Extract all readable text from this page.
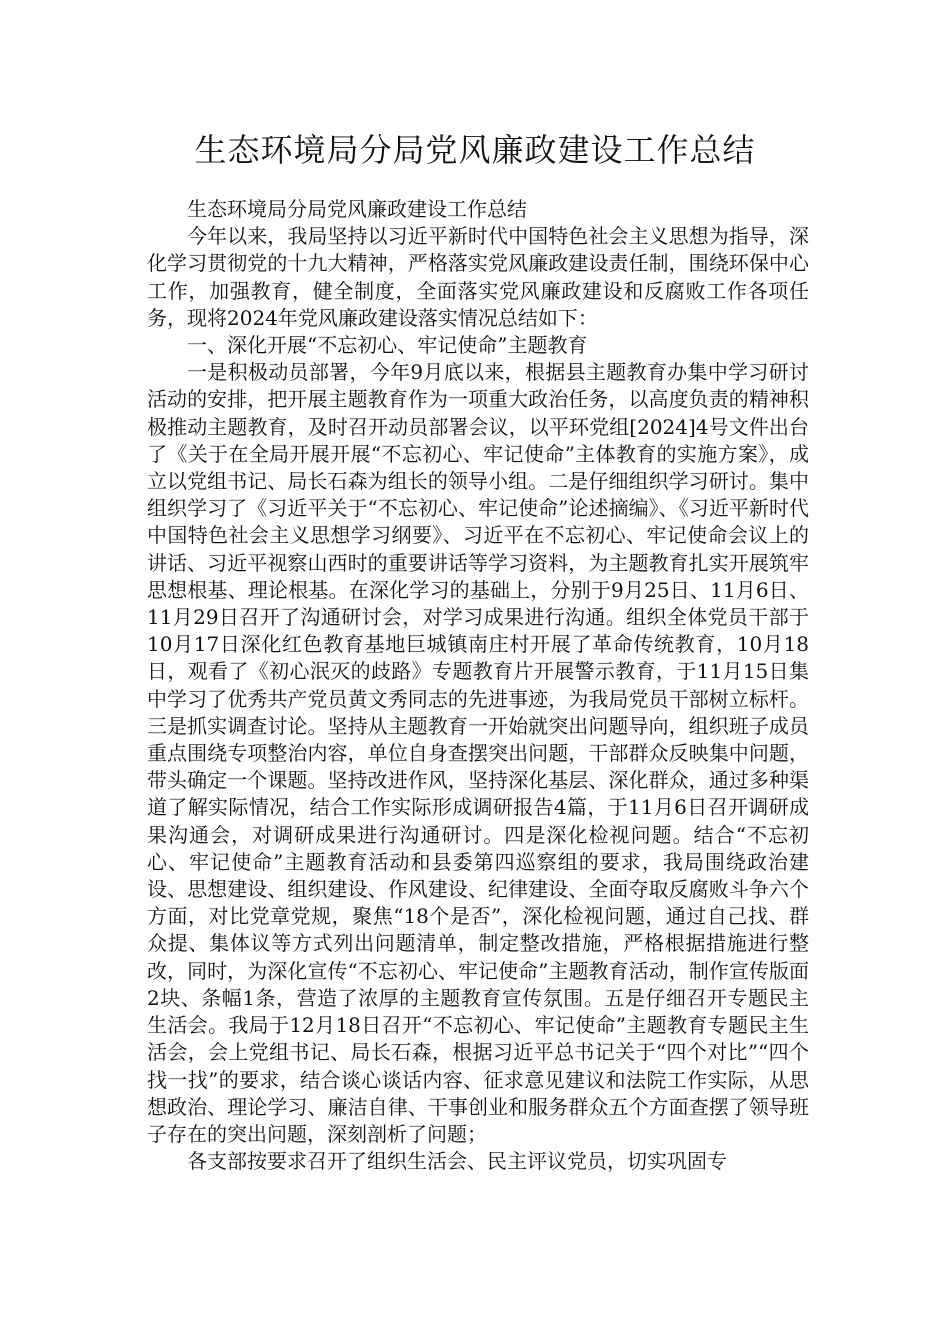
生态环境局分局党风廉政建设工作总结

生态环境局分局党风廉政建设工作总结

今年以来，我局坚持以习近平新时代中国特色社会主义思想为指导，深化学习贯彻党的十九大精神，严格落实党风廉政建设责任制，围绕环保中心工作，加强教育，健全制度，全面落实党风廉政建设和反腐败工作各项任务，现将2024年党风廉政建设落实情况总结如下：

一、深化开展“不忘初心、牢记使命”主题教育

一是积极动员部署，今年9月底以来，根据县主题教育办集中学习研讨活动的安排，把开展主题教育作为一项重大政治任务，以高度负责的精神积极推动主题教育，及时召开动员部署会议，以平环党组[2024]4号文件出台了《关于在全局开展开展“不忘初心、牢记使命”主体教育的实施方案》，成立以党组书记、局长石森为组长的领导小组。二是仔细组织学习研讨。集中组织学习了《习近平关于“不忘初心、牢记使命”论述摘编》、《习近平新时代中国特色社会主义思想学习纲要》、习近平在不忘初心、牢记使命会议上的讲话、习近平视察山西时的重要讲话等学习资料，为主题教育扎实开展筑牢思想根基、理论根基。在深化学习的基础上，分别于9月25日、11月6日、11月29日召开了沟通研讨会，对学习成果进行沟通。组织全体党员干部于10月17日深化红色教育基地巨城镇南庄村开展了革命传统教育，10月18日，观看了《初心泯灭的歧路》专题教育片开展警示教育，于11月15日集中学习了优秀共产党员黄文秀同志的先进事迹，为我局党员干部树立标杆。三是抓实调查讨论。坚持从主题教育一开始就突出问题导向，组织班子成员重点围绕专项整治内容，单位自身查摆突出问题，干部群众反映集中问题，带头确定一个课题。坚持改进作风，坚持深化基层、深化群众，通过多种渠道了解实际情况，结合工作实际形成调研报告4篇，于11月6日召开调研成果沟通会，对调研成果进行沟通研讨。四是深化检视问题。结合“不忘初心、牢记使命”主题教育活动和县委第四巡察组的要求，我局围绕政治建设、思想建设、组织建设、作风建设、纪律建设、全面夺取反腐败斗争六个方面，对比党章党规，聚焦“18个是否”，深化检视问题，通过自己找、群众提、集体议等方式列出问题清单，制定整改措施，严格根据措施进行整改，同时，为深化宣传“不忘初心、牢记使命”主题教育活动，制作宣传版面2块、条幅1条，营造了浓厚的主题教育宣传氛围。五是仔细召开专题民主生活会。我局于12月18日召开“不忘初心、牢记使命”主题教育专题民主生活会，会上党组书记、局长石森，根据习近平总书记关于“四个对比”“四个找一找”的要求，结合谈心谈话内容、征求意见建议和法院工作实际，从思想政治、理论学习、廉洁自律、干事创业和服务群众五个方面查摆了领导班子存在的突出问题，深刻剖析了问题；

各支部按要求召开了组织生活会、民主评议党员，切实巩固专
